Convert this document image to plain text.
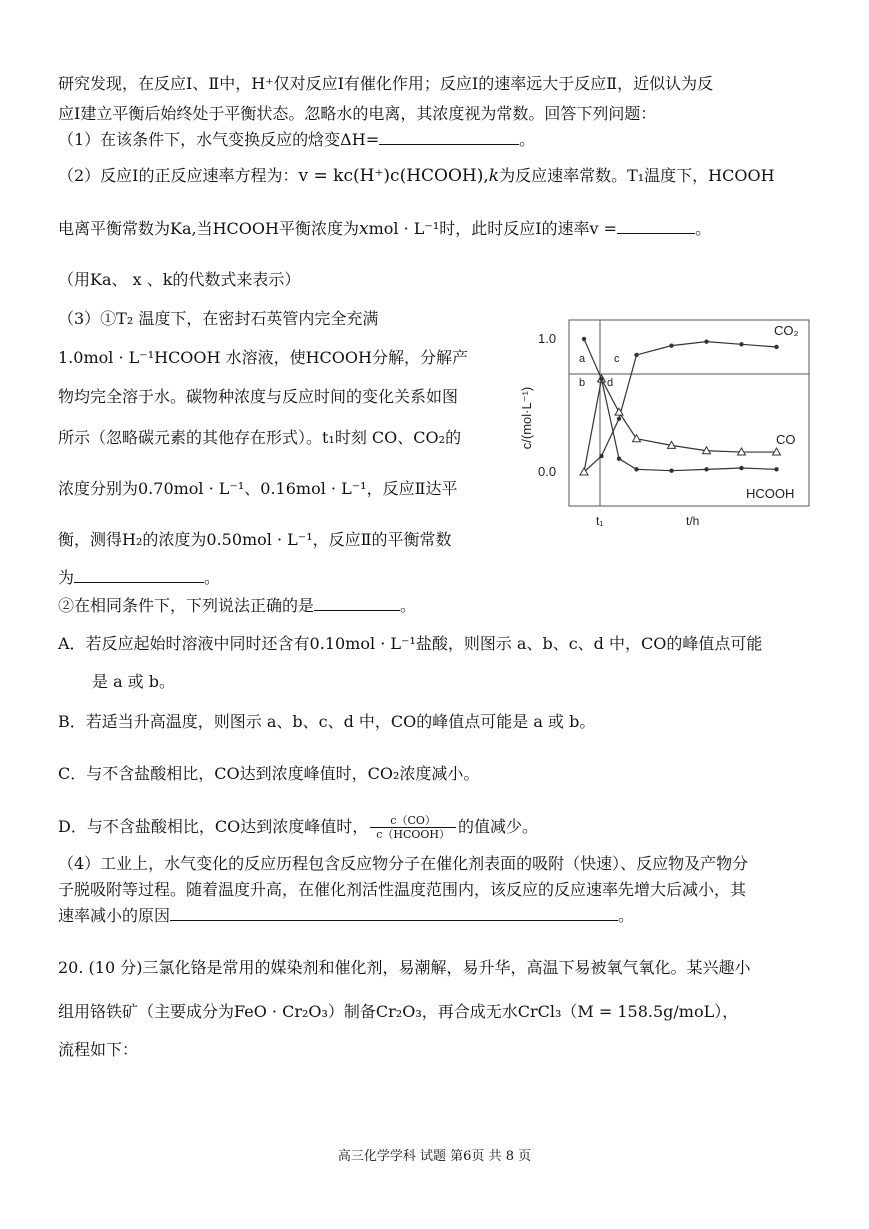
研究发现，在反应Ⅰ、Ⅱ中，H⁺仅对反应Ⅰ有催化作用；反应Ⅰ的速率远大于反应Ⅱ，近似认为反
应Ⅰ建立平衡后始终处于平衡状态。忽略水的电离，其浓度视为常数。回答下列问题：
（1）在该条件下，水气变换反应的焓变ΔH=	。
（2）反应Ⅰ的正反应速率方程为：v = kc(H⁺)c(HCOOH),k为反应速率常数。T₁温度下，HCOOH
电离平衡常数为Ka,当HCOOH平衡浓度为xmol · L⁻¹时，此时反应Ⅰ的速率v =	。
（用Ka、 x 、k的代数式来表示）
（3）①T₂ 温度下，在密封石英管内完全充满
1.0mol · L⁻¹HCOOH 水溶液，使HCOOH分解，分解产
物均完全溶于水。碳物种浓度与反应时间的变化关系如图
所示（忽略碳元素的其他存在形式）。t₁时刻 CO、CO₂的
浓度分别为0.70mol · L⁻¹、0.16mol · L⁻¹，反应Ⅱ达平
衡，测得H₂的浓度为0.50mol · L⁻¹，反应Ⅱ的平衡常数
为	。
②在相同条件下，下列说法正确的是	。
A．若反应起始时溶液中同时还含有0.10mol · L⁻¹盐酸，则图示 a、b、c、d 中，CO的峰值点可能
是 a 或 b。
B．若适当升高温度，则图示 a、b、c、d 中，CO的峰值点可能是 a 或 b。
C．与不含盐酸相比，CO达到浓度峰值时，CO₂浓度减小。
D．与不含盐酸相比，CO达到浓度峰值时， $\frac{c(CO)}{\text{c（HCOOH）}}$ 的值减少。
（4）工业上，水气变化的反应历程包含反应物分子在催化剂表面的吸附（快速）、反应物及产物分
子脱吸附等过程。随着温度升高，在催化剂活性温度范围内，该反应的反应速率先增大后减小，其
速率减小的原因	。
20. (10 分)三氯化铬是常用的媒染剂和催化剂，易潮解，易升华，高温下易被氧气氧化。某兴趣小
组用铬铁矿（主要成分为FeO · Cr₂O₃）制备Cr₂O₃，再合成无水CrCl₃（M = 158.5g/moL），
流程如下：
高三化学学科 试题 第6页 共 8 页
1.0
0.0
c/(mol·L⁻¹)
t₁	t/h
a
b
c
d
CO₂
CO
HCOOH
